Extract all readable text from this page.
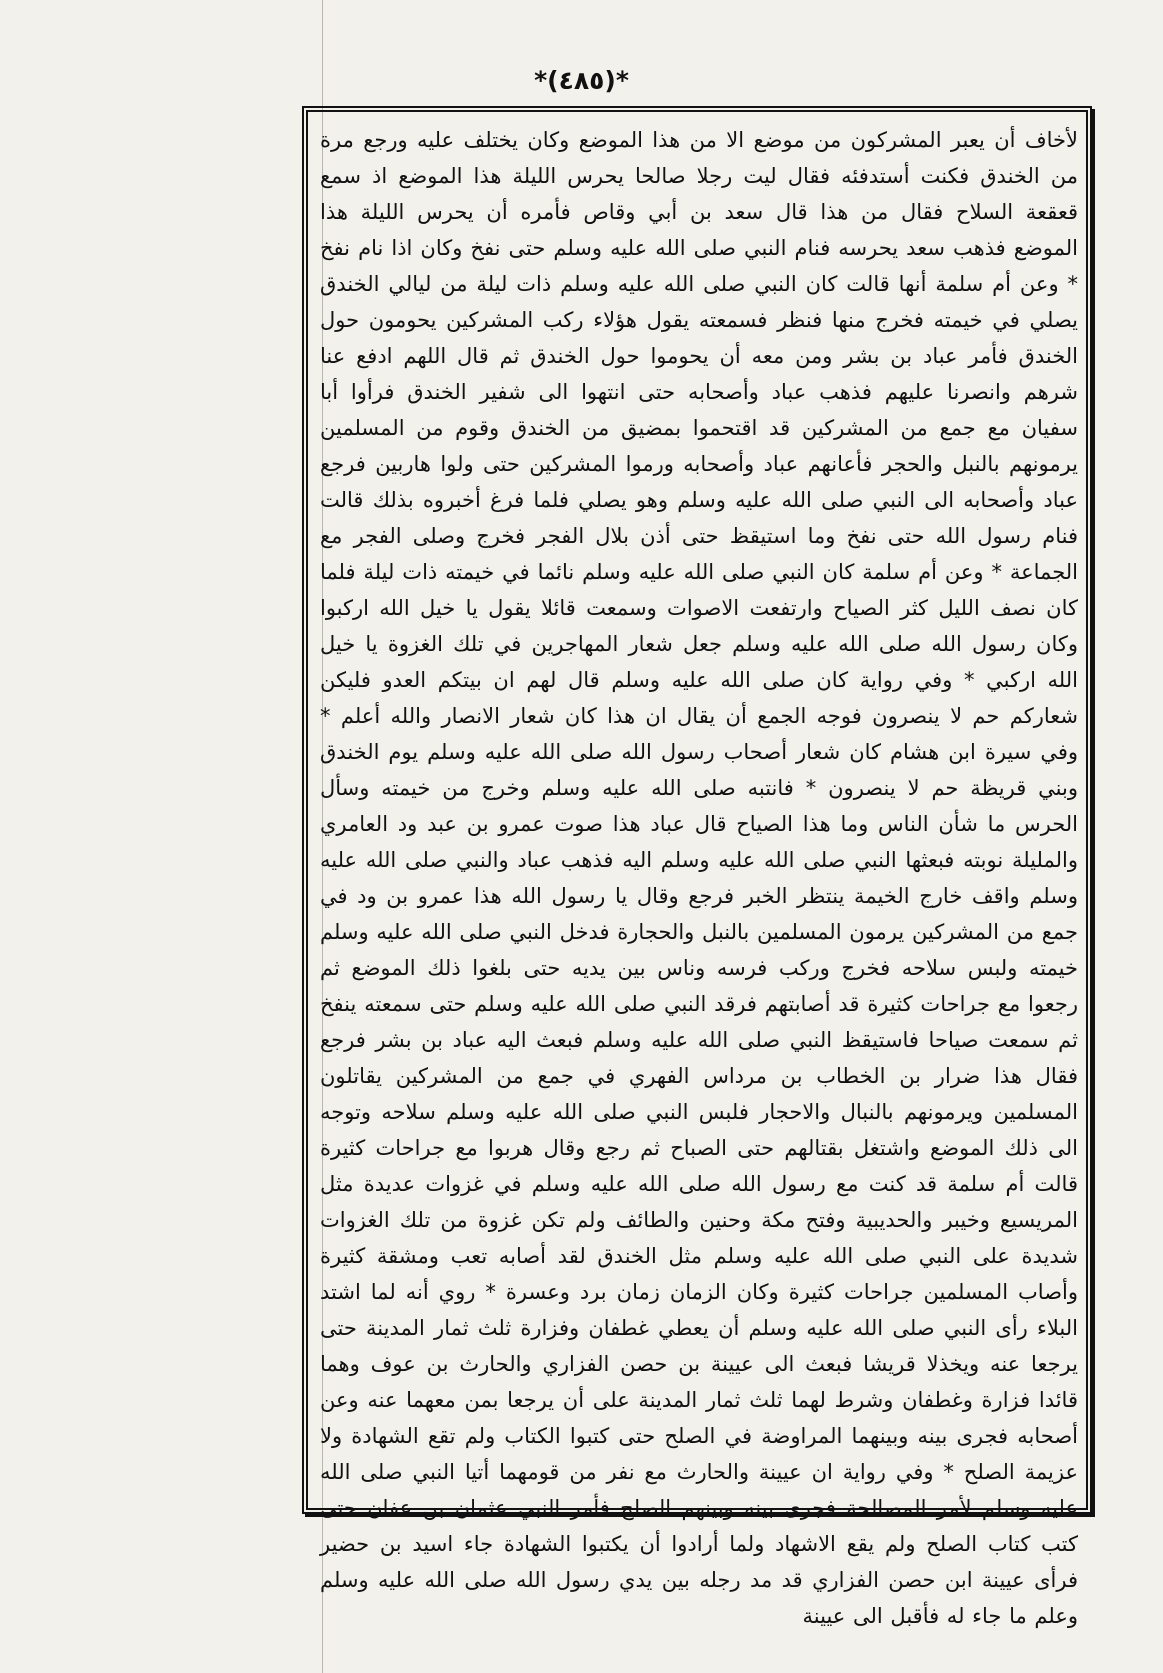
*(٤٨٥)*
لأخاف أن يعبر المشركون من موضع الا من هذا الموضع وكان يختلف عليه ورجع مرة من الخندق فكنت أستدفئه فقال ليت رجلا صالحا يحرس الليلة هذا الموضع اذ سمع قعقعة السلاح فقال من هذا قال سعد بن أبي وقاص فأمره أن يحرس الليلة هذا الموضع فذهب سعد يحرسه فنام النبي صلى الله عليه وسلم حتى نفخ وكان اذا نام نفخ * وعن أم سلمة أنها قالت كان النبي صلى الله عليه وسلم ذات ليلة من ليالي الخندق يصلي في خيمته فخرج منها فنظر فسمعته يقول هؤلاء ركب المشركين يحومون حول الخندق فأمر عباد بن بشر ومن معه أن يحوموا حول الخندق ثم قال اللهم ادفع عنا شرهم وانصرنا عليهم فذهب عباد وأصحابه حتى انتهوا الى شفير الخندق فرأوا أبا سفيان مع جمع من المشركين قد اقتحموا بمضيق من الخندق وقوم من المسلمين يرمونهم بالنبل والحجر فأعانهم عباد وأصحابه ورموا المشركين حتى ولوا هاربين فرجع عباد وأصحابه الى النبي صلى الله عليه وسلم وهو يصلي فلما فرغ أخبروه بذلك قالت فنام رسول الله حتى نفخ وما استيقظ حتى أذن بلال الفجر فخرج وصلى الفجر مع الجماعة * وعن أم سلمة كان النبي صلى الله عليه وسلم نائما في خيمته ذات ليلة فلما كان نصف الليل كثر الصياح وارتفعت الاصوات وسمعت قائلا يقول يا خيل الله اركبوا وكان رسول الله صلى الله عليه وسلم جعل شعار المهاجرين في تلك الغزوة يا خيل الله اركبي * وفي رواية كان صلى الله عليه وسلم قال لهم ان بيتكم العدو فليكن شعاركم حم لا ينصرون فوجه الجمع أن يقال ان هذا كان شعار الانصار والله أعلم * وفي سيرة ابن هشام كان شعار أصحاب رسول الله صلى الله عليه وسلم يوم الخندق وبني قريظة حم لا ينصرون * فانتبه صلى الله عليه وسلم وخرج من خيمته وسأل الحرس ما شأن الناس وما هذا الصياح قال عباد هذا صوت عمرو بن عبد ود العامري والمليلة نوبته فبعثها النبي صلى الله عليه وسلم اليه فذهب عباد والنبي صلى الله عليه وسلم واقف خارج الخيمة ينتظر الخبر فرجع وقال يا رسول الله هذا عمرو بن ود في جمع من المشركين يرمون المسلمين بالنبل والحجارة فدخل النبي صلى الله عليه وسلم خيمته ولبس سلاحه فخرج وركب فرسه وناس بين يديه حتى بلغوا ذلك الموضع ثم رجعوا مع جراحات كثيرة قد أصابتهم فرقد النبي صلى الله عليه وسلم حتى سمعته ينفخ ثم سمعت صياحا فاستيقظ النبي صلى الله عليه وسلم فبعث اليه عباد بن بشر فرجع فقال هذا ضرار بن الخطاب بن مرداس الفهري في جمع من المشركين يقاتلون المسلمين ويرمونهم بالنبال والاحجار فلبس النبي صلى الله عليه وسلم سلاحه وتوجه الى ذلك الموضع واشتغل بقتالهم حتى الصباح ثم رجع وقال هربوا مع جراحات كثيرة قالت أم سلمة قد كنت مع رسول الله صلى الله عليه وسلم في غزوات عديدة مثل المريسيع وخيبر والحديبية وفتح مكة وحنين والطائف ولم تكن غزوة من تلك الغزوات شديدة على النبي صلى الله عليه وسلم مثل الخندق لقد أصابه تعب ومشقة كثيرة وأصاب المسلمين جراحات كثيرة وكان الزمان زمان برد وعسرة * روي أنه لما اشتد البلاء رأى النبي صلى الله عليه وسلم أن يعطي غطفان وفزارة ثلث ثمار المدينة حتى يرجعا عنه ويخذلا قريشا فبعث الى عيينة بن حصن الفزاري والحارث بن عوف وهما قائدا فزارة وغطفان وشرط لهما ثلث ثمار المدينة على أن يرجعا بمن معهما عنه وعن أصحابه فجرى بينه وبينهما المراوضة في الصلح حتى كتبوا الكتاب ولم تقع الشهادة ولا عزيمة الصلح * وفي رواية ان عيينة والحارث مع نفر من قومهما أتيا النبي صلى الله عليه وسلم لأمر المصالحة فجرى بينه وبينهم الصلح فأمر النبي عثمان بن عفان حتى كتب كتاب الصلح ولم يقع الاشهاد ولما أرادوا أن يكتبوا الشهادة جاء اسيد بن حضير فرأى عيينة ابن حصن الفزاري قد مد رجله بين يدي رسول الله صلى الله عليه وسلم وعلم ما جاء له فأقبل الى عيينة
